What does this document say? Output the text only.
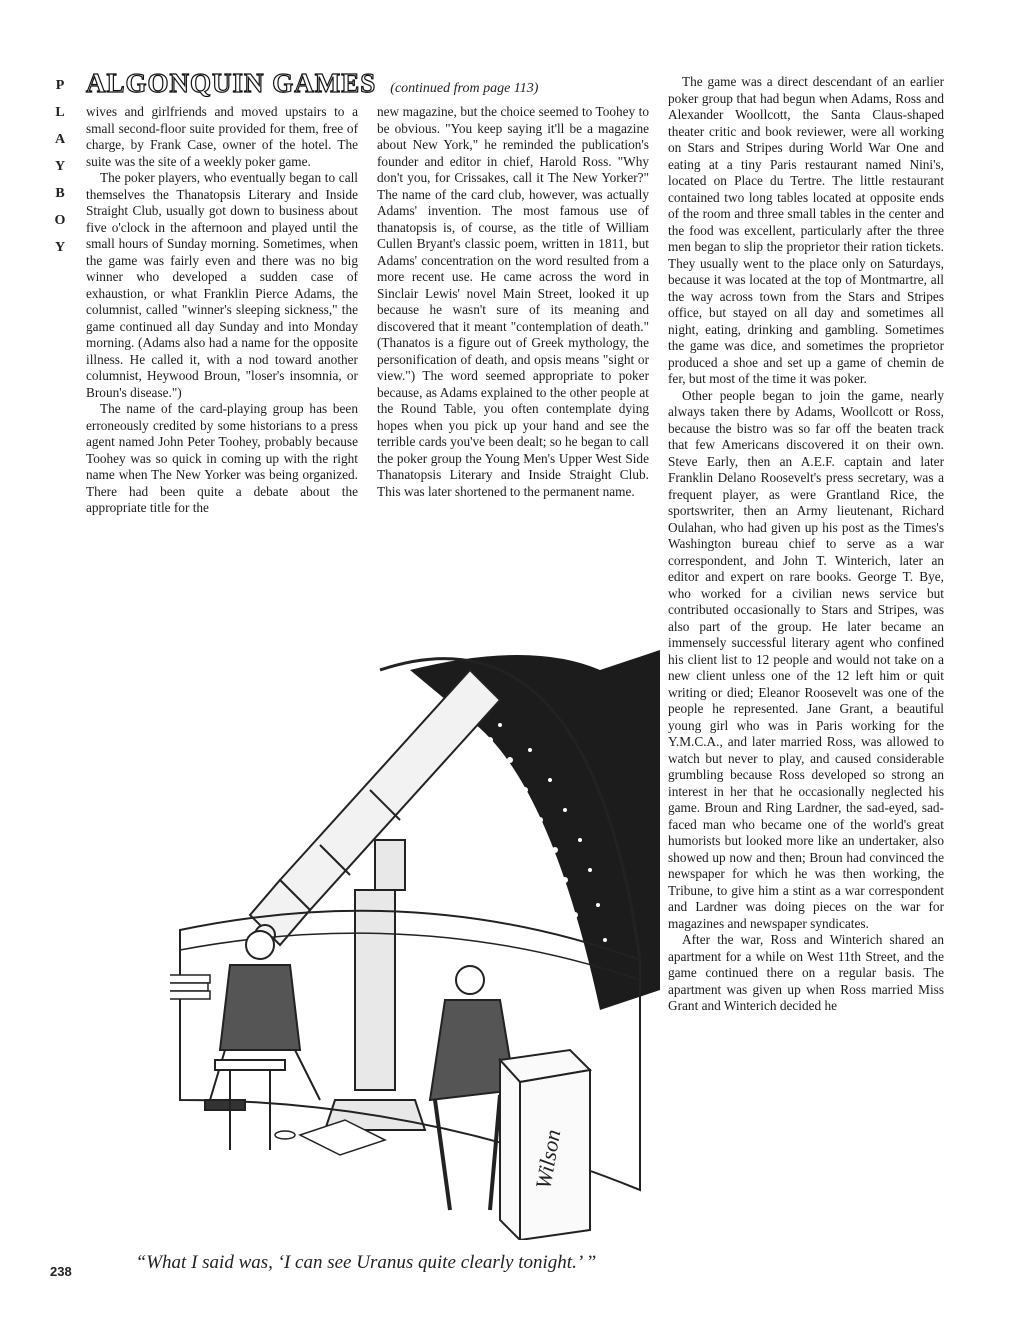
P
L
A
Y
B
O
Y
ALGONQUIN GAMES (continued from page 113)

wives and girlfriends and moved upstairs to a small second-floor suite provided for them, free of charge, by Frank Case, owner of the hotel. The suite was the site of a weekly poker game.

The poker players, who eventually began to call themselves the Thanatopsis Literary and Inside Straight Club, usually got down to business about five o'clock in the afternoon and played until the small hours of Sunday morning. Sometimes, when the game was fairly even and there was no big winner who developed a sudden case of exhaustion, or what Franklin Pierce Adams, the columnist, called "winner's sleeping sickness," the game continued all day Sunday and into Monday morning. (Adams also had a name for the opposite illness. He called it, with a nod toward another columnist, Heywood Broun, "loser's insomnia, or Broun's disease.")

The name of the card-playing group has been erroneously credited by some historians to a press agent named John Peter Toohey, probably because Toohey was so quick in coming up with the right name when The New Yorker was being organized. There had been quite a debate about the appropriate title for the

new magazine, but the choice seemed to Toohey to be obvious. "You keep saying it'll be a magazine about New York," he reminded the publication's founder and editor in chief, Harold Ross. "Why don't you, for Crissakes, call it The New Yorker?" The name of the card club, however, was actually Adams' invention. The most famous use of thanatopsis is, of course, as the title of William Cullen Bryant's classic poem, written in 1811, but Adams' concentration on the word resulted from a more recent use. He came across the word in Sinclair Lewis' novel Main Street, looked it up because he wasn't sure of its meaning and discovered that it meant "contemplation of death." (Thanatos is a figure out of Greek mythology, the personification of death, and opsis means "sight or view.") The word seemed appropriate to poker because, as Adams explained to the other people at the Round Table, you often contemplate dying hopes when you pick up your hand and see the terrible cards you've been dealt; so he began to call the poker group the Young Men's Upper West Side Thanatopsis Literary and Inside Straight Club. This was later shortened to the permanent name.

The game was a direct descendant of an earlier poker group that had begun when Adams, Ross and Alexander Woollcott, the Santa Claus-shaped theater critic and book reviewer, were all working on Stars and Stripes during World War One and eating at a tiny Paris restaurant named Nini's, located on Place du Tertre. The little restaurant contained two long tables located at opposite ends of the room and three small tables in the center and the food was excellent, particularly after the three men began to slip the proprietor their ration tickets. They usually went to the place only on Saturdays, because it was located at the top of Montmartre, all the way across town from the Stars and Stripes office, but stayed on all day and sometimes all night, eating, drinking and gambling. Sometimes the game was dice, and sometimes the proprietor produced a shoe and set up a game of chemin de fer, but most of the time it was poker.

Other people began to join the game, nearly always taken there by Adams, Woollcott or Ross, because the bistro was so far off the beaten track that few Americans discovered it on their own. Steve Early, then an A.E.F. captain and later Franklin Delano Roosevelt's press secretary, was a frequent player, as were Grantland Rice, the sportswriter, then an Army lieutenant, Richard Oulahan, who had given up his post as the Times's Washington bureau chief to serve as a war correspondent, and John T. Winterich, later an editor and expert on rare books. George T. Bye, who worked for a civilian news service but contributed occasionally to Stars and Stripes, was also part of the group. He later became an immensely successful literary agent who confined his client list to 12 people and would not take on a new client unless one of the 12 left him or quit writing or died; Eleanor Roosevelt was one of the people he represented. Jane Grant, a beautiful young girl who was in Paris working for the Y.M.C.A., and later married Ross, was allowed to watch but never to play, and caused considerable grumbling because Ross developed so strong an interest in her that he occasionally neglected his game. Broun and Ring Lardner, the sad-eyed, sad-faced man who became one of the world's great humorists but looked more like an undertaker, also showed up now and then; Broun had convinced the newspaper for which he was then working, the Tribune, to give him a stint as a war correspondent and Lardner was doing pieces on the war for magazines and newspaper syndicates.

After the war, Ross and Winterich shared an apartment for a while on West 11th Street, and the game continued there on a regular basis. The apartment was given up when Ross married Miss Grant and Winterich decided he

Wilson
“What I said was, ‘I can see Uranus quite clearly tonight.’ ”
238
